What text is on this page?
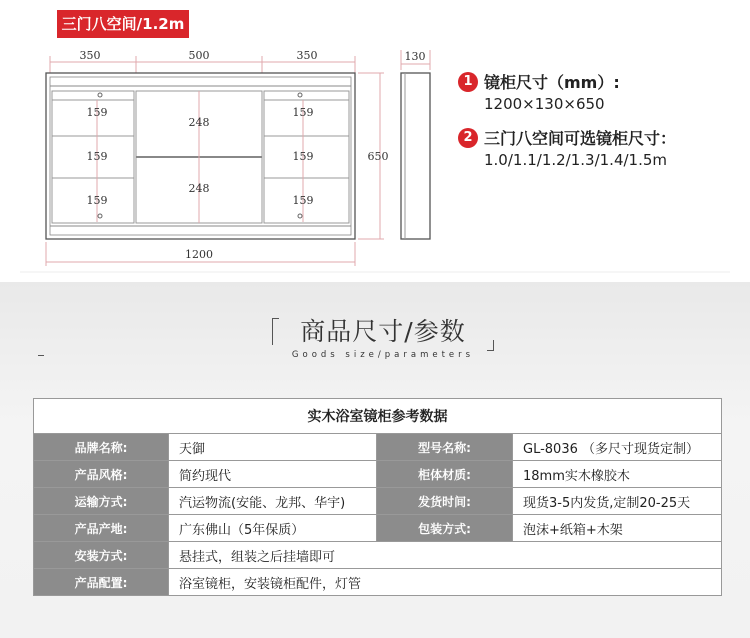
三门八空间/1.2m
350	500	350
159
159
159
159
159
159
248
248
650
1200
130
1 镜柜尺寸（mm）:
1200×130×650
2 三门八空间可选镜柜尺寸：
1.0/1.1/1.2/1.3/1.4/1.5m
商品尺寸/参数
Goods size/parameters
实木浴室镜柜参考数据			
品牌名称:	天御	型号名称:	GL-8036 （多尺寸现货定制）
产品风格:	简约现代	柜体材质:	18mm实木橡胶木
运输方式:	汽运物流(安能、龙邦、华宇)	发货时间:	现货3-5内发货,定制20-25天
产品产地:	广东佛山（5年保质）	包装方式:	泡沫+纸箱+木架
安装方式:	悬挂式，组装之后挂墙即可		
产品配置:	浴室镜柜，安装镜柜配件，灯管		
